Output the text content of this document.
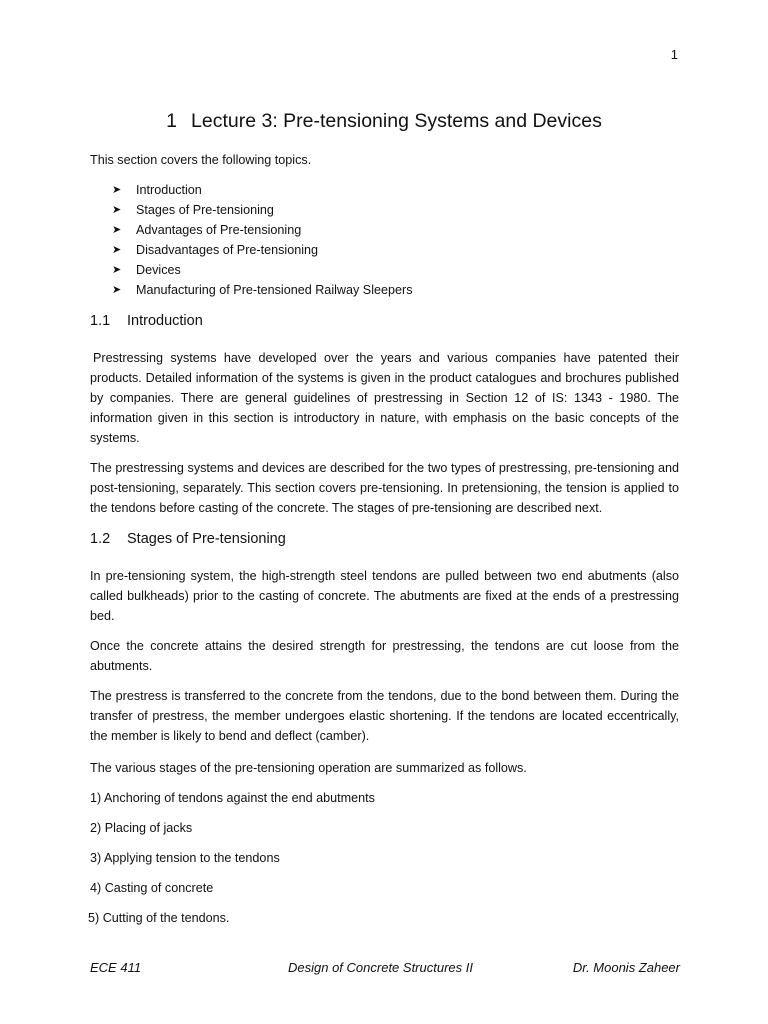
1
1 Lecture 3: Pre-tensioning Systems and Devices
This section covers the following topics.
➤ Introduction
➤ Stages of Pre-tensioning
➤ Advantages of Pre-tensioning
➤ Disadvantages of Pre-tensioning
➤ Devices
➤ Manufacturing of Pre-tensioned Railway Sleepers
1.1 Introduction

Prestressing systems have developed over the years and various companies have patented their products. Detailed information of the systems is given in the product catalogues and brochures published by companies. There are general guidelines of prestressing in Section 12 of IS: 1343 - 1980. The information given in this section is introductory in nature, with emphasis on the basic concepts of the systems.

The prestressing systems and devices are described for the two types of prestressing, pre-tensioning and post-tensioning, separately. This section covers pre-tensioning. In pretensioning, the tension is applied to the tendons before casting of the concrete. The stages of pre-tensioning are described next.

1.2 Stages of Pre-tensioning

In pre-tensioning system, the high-strength steel tendons are pulled between two end abutments (also called bulkheads) prior to the casting of concrete. The abutments are fixed at the ends of a prestressing bed.

Once the concrete attains the desired strength for prestressing, the tendons are cut loose from the abutments.

The prestress is transferred to the concrete from the tendons, due to the bond between them. During the transfer of prestress, the member undergoes elastic shortening. If the tendons are located eccentrically, the member is likely to bend and deflect (camber).

The various stages of the pre-tensioning operation are summarized as follows.

1) Anchoring of tendons against the end abutments

2) Placing of jacks

3) Applying tension to the tendons

4) Casting of concrete

5) Cutting of the tendons.

ECE 411	Design of Concrete Structures II	Dr. Moonis Zaheer
